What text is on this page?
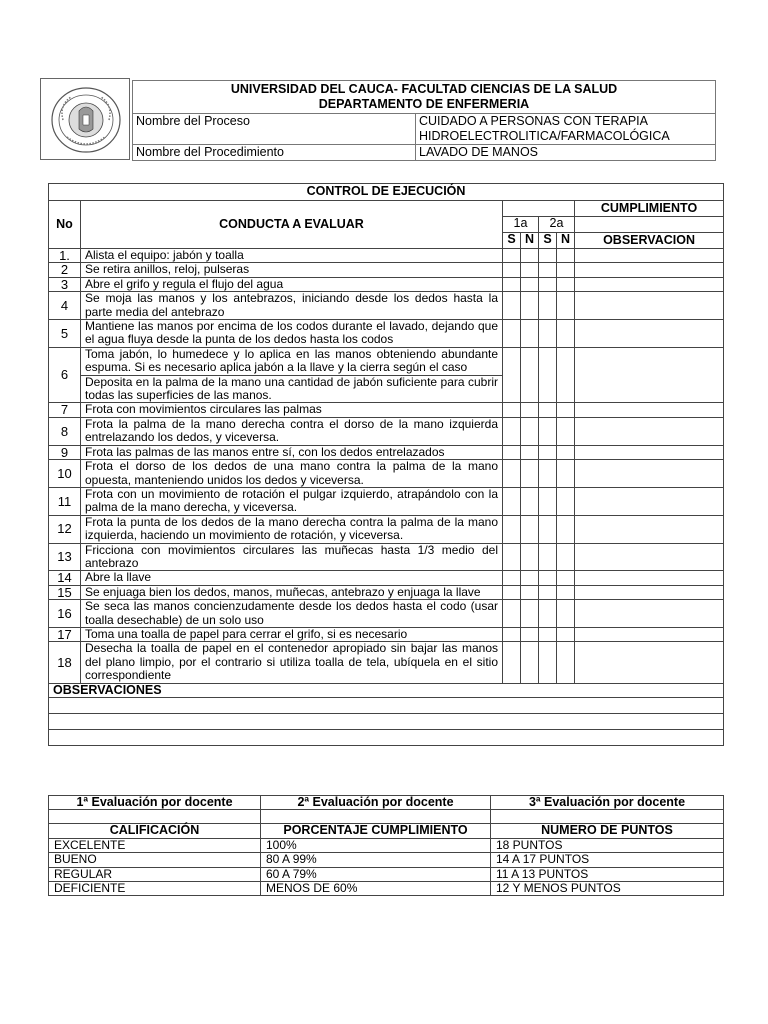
UNIVERSIDAD DEL CAUCA- FACULTAD CIENCIAS DE LA SALUD
DEPARTAMENTO DE ENFERMERIA	

Nombre del Proceso	CUIDADO A PERSONAS CON TERAPIA HIDROELECTROLITICA/FARMACOLÓGICA
Nombre del Procedimiento	LAVADO DE MANOS
CONTROL DE EJECUCIÓN						
No	CONDUCTA A EVALUAR					CUMPLIMIENTO
		1a		2a		
		S	N	S	N	OBSERVACION
1.	Alista el equipo: jabón y toalla					
2	Se retira anillos, reloj, pulseras					
3	Abre el grifo y regula el flujo del agua					
4	Se moja las manos y los antebrazos, iniciando desde los dedos hasta la parte media del antebrazo					
5	Mantiene las manos por encima de los codos durante el lavado, dejando que el agua fluya desde la punta de los dedos hasta los codos					
6	Toma jabón, lo humedece y lo aplica en las manos obteniendo abundante espuma. Si es necesario aplica jabón a la llave y la cierra según el caso					
	Deposita en la palma de la mano una cantidad de jabón suficiente para cubrir todas las superficies de las manos.					
7	Frota con movimientos circulares las palmas					
8	Frota la palma de la mano derecha contra el dorso de la mano izquierda entrelazando los dedos, y viceversa.					
9	Frota las palmas de las manos entre sí, con los dedos entrelazados					
10	Frota el dorso de los dedos de una mano contra la palma de la mano opuesta, manteniendo unidos los dedos y viceversa.					
11	Frota con un movimiento de rotación el pulgar izquierdo, atrapándolo con la palma de la mano derecha, y viceversa.					
12	Frota la punta de los dedos de la mano derecha contra la palma de la mano izquierda, haciendo un movimiento de rotación, y viceversa.					
13	Fricciona con movimientos circulares las muñecas hasta 1/3 medio del antebrazo					
14	Abre la llave					
15	Se enjuaga bien los dedos, manos, muñecas, antebrazo y enjuaga la llave					
16	Se seca las manos concienzudamente desde los dedos hasta el codo (usar toalla desechable) de un solo uso					
17	Toma una toalla de papel para cerrar el grifo, si es necesario					
18	Desecha la toalla de papel en el contenedor apropiado sin bajar las manos del plano limpio, por el contrario si utiliza toalla de tela, ubíquela en el sitio correspondiente					
OBSERVACIONES						

1ª Evaluación por docente	2ª Evaluación por docente	3ª Evaluación por docente

CALIFICACIÓN	PORCENTAJE CUMPLIMIENTO	NUMERO DE PUNTOS
EXCELENTE	100%	18 PUNTOS
BUENO	80 A 99%	14 A 17 PUNTOS
REGULAR	60 A 79%	11 A 13 PUNTOS
DEFICIENTE	MENOS DE 60%	12 Y MENOS PUNTOS
